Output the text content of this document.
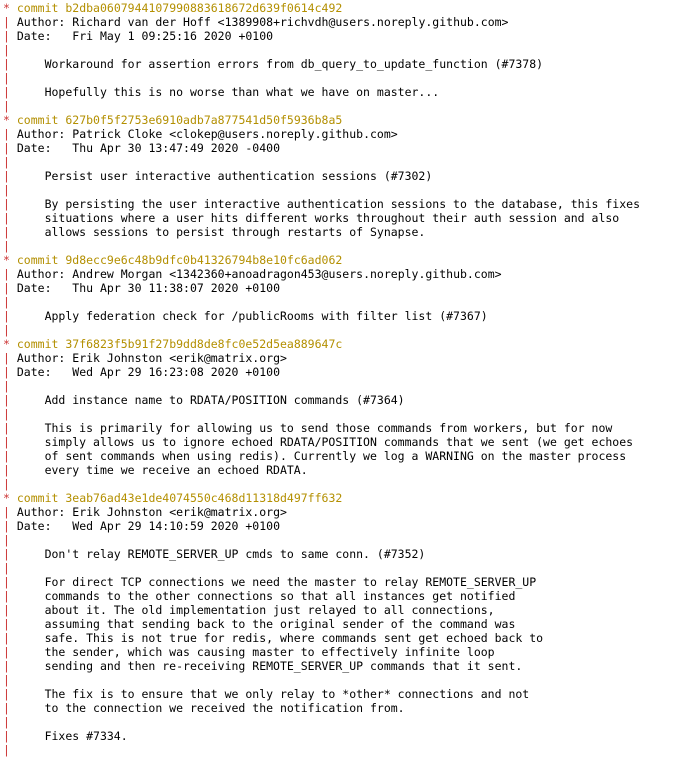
* commit b2dba0607944107990883618672d639f0614c492
| Author: Richard van der Hoff <1389908+richvdh@users.noreply.github.com>
| Date: Fri May 1 09:25:16 2020 +0100
|
|	Workaround for assertion errors from db_query_to_update_function (#7378)
|
|	Hopefully this is no worse than what we have on master...
|
* commit 627b0f5f2753e6910adb7a877541d50f5936b8a5
| Author: Patrick Cloke <clokep@users.noreply.github.com>
| Date: Thu Apr 30 13:47:49 2020 -0400
|
|	Persist user interactive authentication sessions (#7302)
|
|	By persisting the user interactive authentication sessions to the database, this fixes
|	situations where a user hits different works throughout their auth session and also
|	allows sessions to persist through restarts of Synapse.
|
* commit 9d8ecc9e6c48b9dfc0b41326794b8e10fc6ad062
| Author: Andrew Morgan <1342360+anoadragon453@users.noreply.github.com>
| Date: Thu Apr 30 11:38:07 2020 +0100
|
|	Apply federation check for /publicRooms with filter list (#7367)
|
* commit 37f6823f5b91f27b9dd8de8fc0e52d5ea889647c
| Author: Erik Johnston <erik@matrix.org>
| Date: Wed Apr 29 16:23:08 2020 +0100
|
|	Add instance name to RDATA/POSITION commands (#7364)
|
|	This is primarily for allowing us to send those commands from workers, but for now
|	simply allows us to ignore echoed RDATA/POSITION commands that we sent (we get echoes
|	of sent commands when using redis). Currently we log a WARNING on the master process
|	every time we receive an echoed RDATA.
|
* commit 3eab76ad43e1de4074550c468d11318d497ff632
| Author: Erik Johnston <erik@matrix.org>
| Date: Wed Apr 29 14:10:59 2020 +0100
|
|	Don't relay REMOTE_SERVER_UP cmds to same conn. (#7352)
|
|	For direct TCP connections we need the master to relay REMOTE_SERVER_UP
|	commands to the other connections so that all instances get notified
|	about it. The old implementation just relayed to all connections,
|	assuming that sending back to the original sender of the command was
|	safe. This is not true for redis, where commands sent get echoed back to
|	the sender, which was causing master to effectively infinite loop
|	sending and then re-receiving REMOTE_SERVER_UP commands that it sent.
|
|	The fix is to ensure that we only relay to *other* connections and not
|	to the connection we received the notification from.
|
|	Fixes #7334.
|
